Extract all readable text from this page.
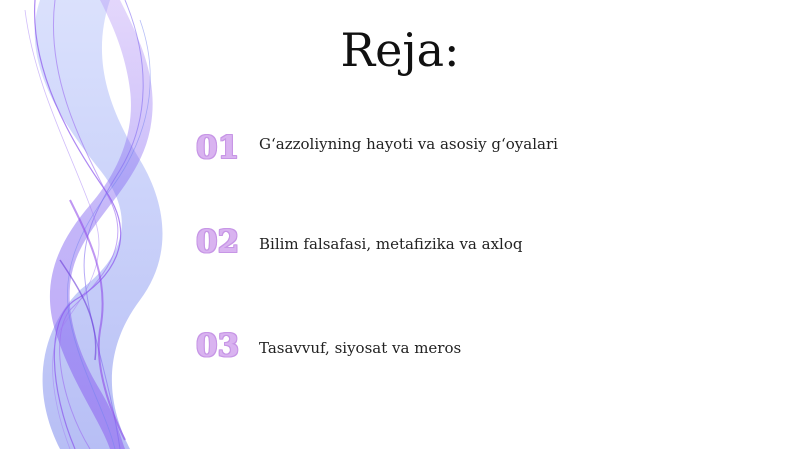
Reja:
01	G‘azzoliyning hayoti va asosiy g‘oyalari
02	Bilim falsafasi, metafizika va axloq
03	Tasavvuf, siyosat va meros
